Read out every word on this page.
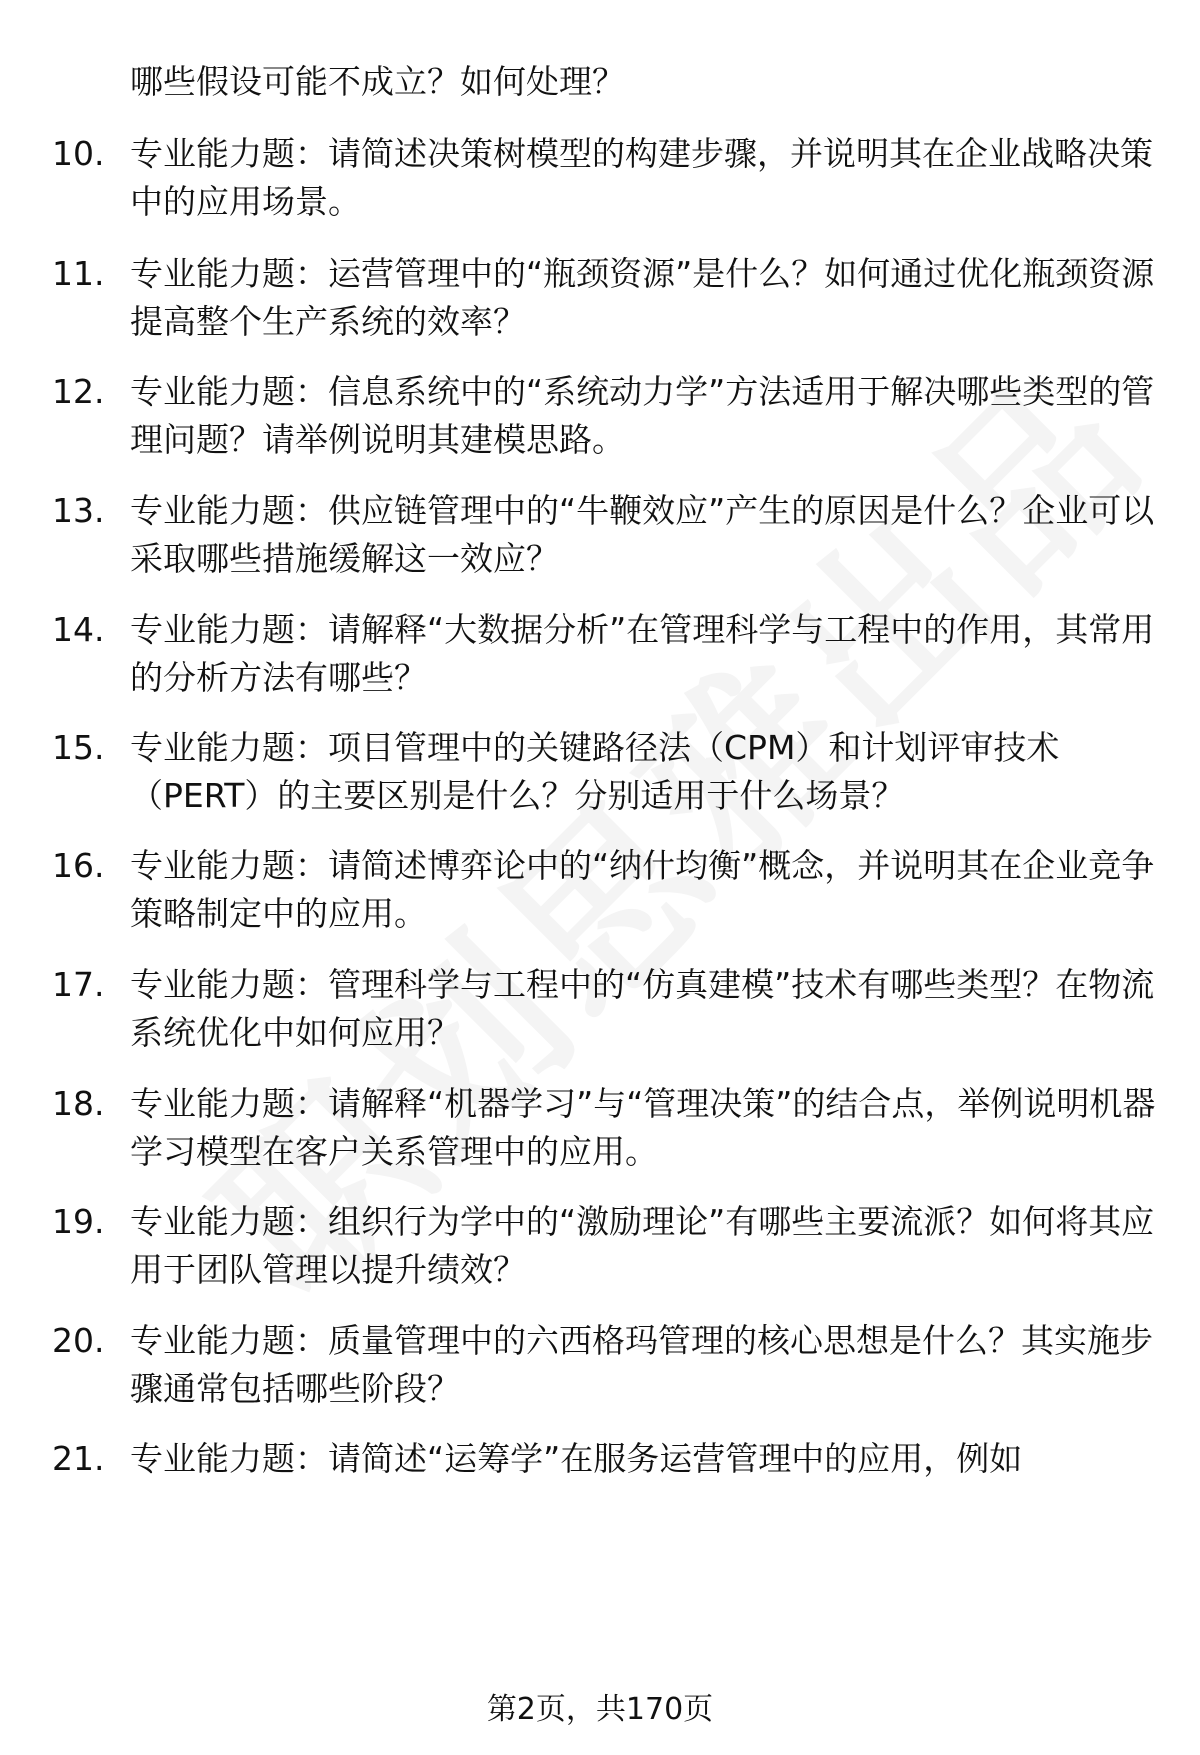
哪些假设可能不成立？如何处理？
10. 专业能力题：请简述决策树模型的构建步骤，并说明其在企业战略决策中的应用场景。
11. 专业能力题：运营管理中的“瓶颈资源”是什么？如何通过优化瓶颈资源提高整个生产系统的效率？
12. 专业能力题：信息系统中的“系统动力学”方法适用于解决哪些类型的管理问题？请举例说明其建模思路。
13. 专业能力题：供应链管理中的“牛鞭效应”产生的原因是什么？企业可以采取哪些措施缓解这一效应？
14. 专业能力题：请解释“大数据分析”在管理科学与工程中的作用，其常用的分析方法有哪些？
15. 专业能力题：项目管理中的关键路径法（CPM）和计划评审技术（PERT）的主要区别是什么？分别适用于什么场景？
16. 专业能力题：请简述博弈论中的“纳什均衡”概念，并说明其在企业竞争策略制定中的应用。
17. 专业能力题：管理科学与工程中的“仿真建模”技术有哪些类型？在物流系统优化中如何应用？
18. 专业能力题：请解释“机器学习”与“管理决策”的结合点，举例说明机器学习模型在客户关系管理中的应用。
19. 专业能力题：组织行为学中的“激励理论”有哪些主要流派？如何将其应用于团队管理以提升绩效？
20. 专业能力题：质量管理中的六西格玛管理的核心思想是什么？其实施步骤通常包括哪些阶段？
21. 专业能力题：请简述“运筹学”在服务运营管理中的应用，例如
第2页，共170页
